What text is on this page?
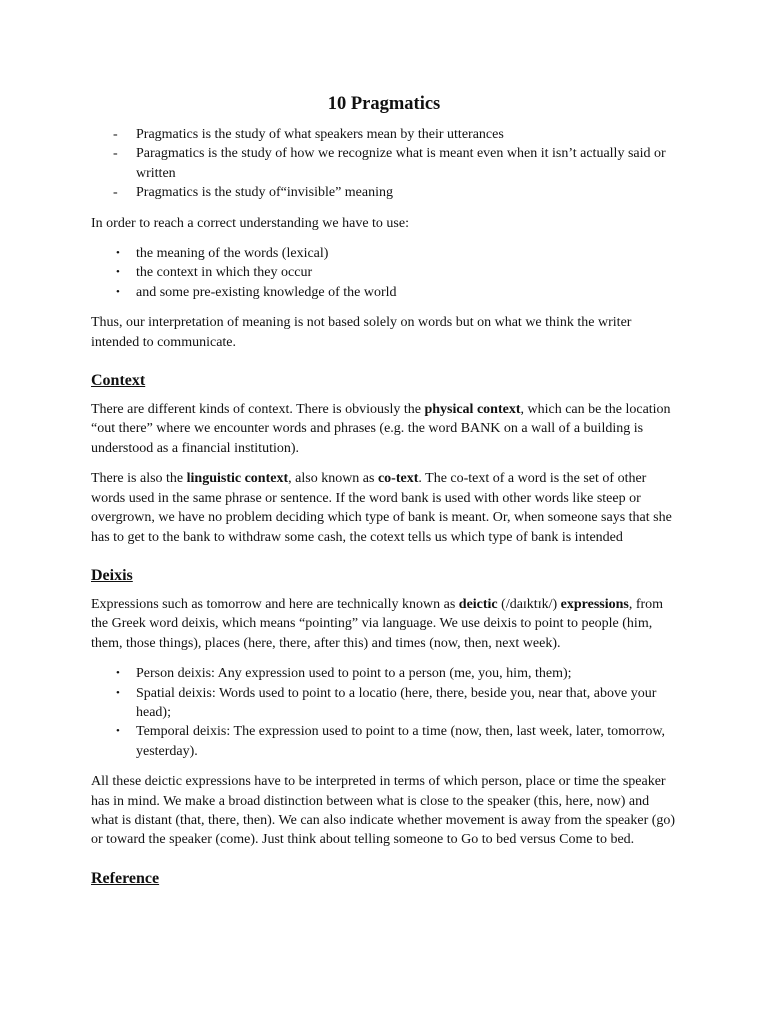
10 Pragmatics
- Pragmatics is the study of what speakers mean by their utterances
- Paragmatics is the study of how we recognize what is meant even when it isn’t actually said or written
- Pragmatics is the study of“invisible” meaning

In order to reach a correct understanding we have to use:

• the meaning of the words (lexical)
• the context in which they occur
• and some pre-existing knowledge of the world

Thus, our interpretation of meaning is not based solely on words but on what we think the writer intended to communicate.

Context

There are different kinds of context. There is obviously the physical context, which can be the location “out there” where we encounter words and phrases (e.g. the word BANK on a wall of a building is understood as a financial institution).

There is also the linguistic context, also known as co-text. The co-text of a word is the set of other words used in the same phrase or sentence. If the word bank is used with other words like steep or overgrown, we have no problem deciding which type of bank is meant. Or, when someone says that she has to get to the bank to withdraw some cash, the cotext tells us which type of bank is intended

Deixis

Expressions such as tomorrow and here are technically known as deictic (/daɪktɪk/) expressions, from the Greek word deixis, which means “pointing” via language. We use deixis to point to people (him, them, those things), places (here, there, after this) and times (now, then, next week).

• Person deixis: Any expression used to point to a person (me, you, him, them);
• Spatial deixis: Words used to point to a locatio (here, there, beside you, near that, above your head);
• Temporal deixis: The expression used to point to a time (now, then, last week, later, tomorrow, yesterday).

All these deictic expressions have to be interpreted in terms of which person, place or time the speaker has in mind. We make a broad distinction between what is close to the speaker (this, here, now) and what is distant (that, there, then). We can also indicate whether movement is away from the speaker (go) or toward the speaker (come). Just think about telling someone to Go to bed versus Come to bed.

Reference
